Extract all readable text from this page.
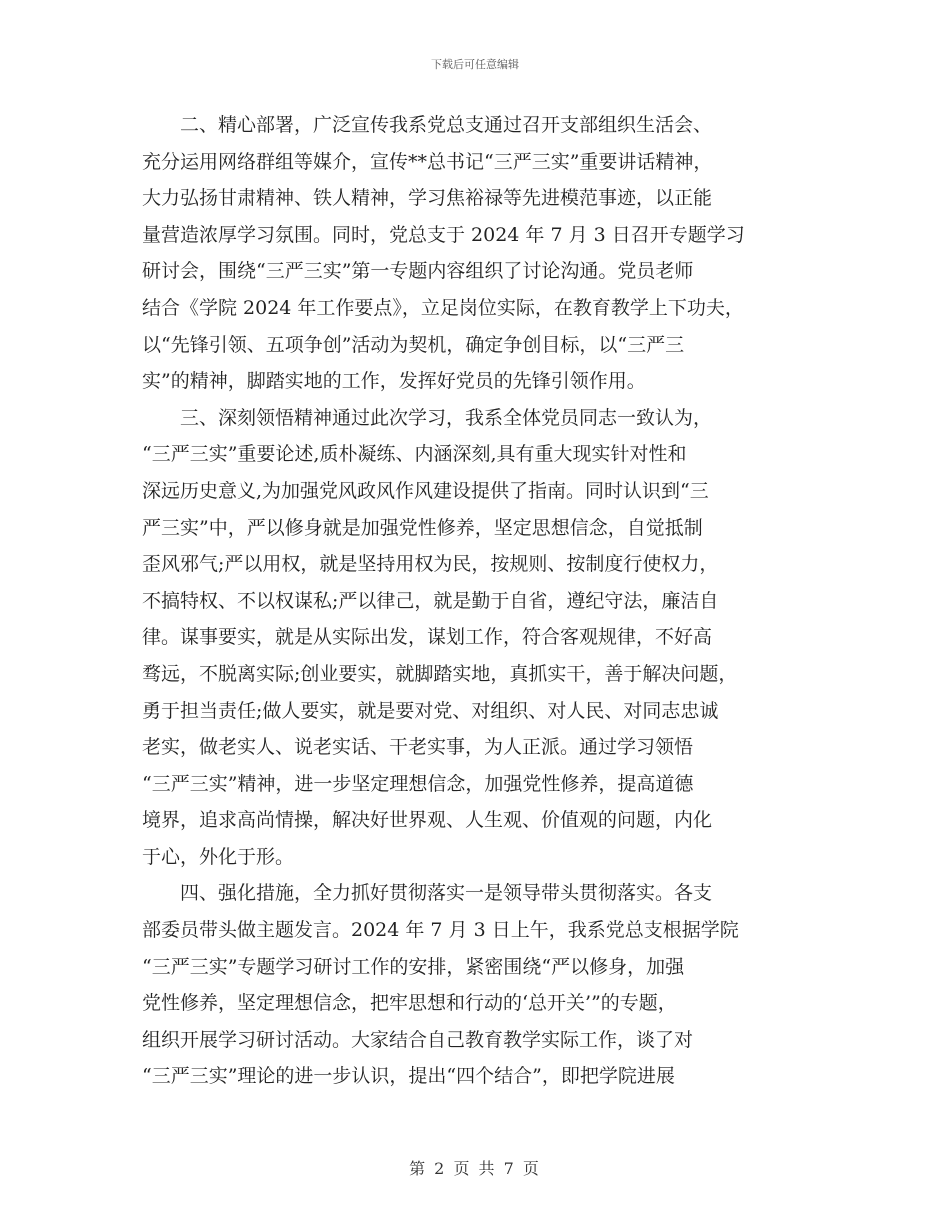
下载后可任意编辑
　　二、精心部署，广泛宣传我系党总支通过召开支部组织生活会、
充分运用网络群组等媒介，宣传**总书记“三严三实”重要讲话精神，
大力弘扬甘肃精神、铁人精神，学习焦裕禄等先进模范事迹，以正能
量营造浓厚学习氛围。同时，党总支于 2024 年 7 月 3 日召开专题学习
研讨会，围绕“三严三实”第一专题内容组织了讨论沟通。党员老师
结合《学院 2024 年工作要点》，立足岗位实际，在教育教学上下功夫，
以“先锋引领、五项争创”活动为契机，确定争创目标，以“三严三
实”的精神，脚踏实地的工作，发挥好党员的先锋引领作用。
　　三、深刻领悟精神通过此次学习，我系全体党员同志一致认为，
“三严三实”重要论述,质朴凝练、内涵深刻,具有重大现实针对性和
深远历史意义,为加强党风政风作风建设提供了指南。同时认识到“三
严三实”中，严以修身就是加强党性修养，坚定思想信念，自觉抵制
歪风邪气;严以用权，就是坚持用权为民，按规则、按制度行使权力，
不搞特权、不以权谋私;严以律己，就是勤于自省，遵纪守法，廉洁自
律。谋事要实，就是从实际出发，谋划工作，符合客观规律，不好高
骛远，不脱离实际;创业要实，就脚踏实地，真抓实干，善于解决问题，
勇于担当责任;做人要实，就是要对党、对组织、对人民、对同志忠诚
老实，做老实人、说老实话、干老实事，为人正派。通过学习领悟
“三严三实”精神，进一步坚定理想信念，加强党性修养，提高道德
境界，追求高尚情操，解决好世界观、人生观、价值观的问题，内化
于心，外化于形。
　　四、强化措施，全力抓好贯彻落实一是领导带头贯彻落实。各支
部委员带头做主题发言。2024 年 7 月 3 日上午，我系党总支根据学院
“三严三实”专题学习研讨工作的安排，紧密围绕“严以修身，加强
党性修养，坚定理想信念，把牢思想和行动的‘总开关’”的专题，
组织开展学习研讨活动。大家结合自己教育教学实际工作，谈了对
“三严三实”理论的进一步认识，提出“四个结合”，即把学院进展
第 2 页 共 7 页
